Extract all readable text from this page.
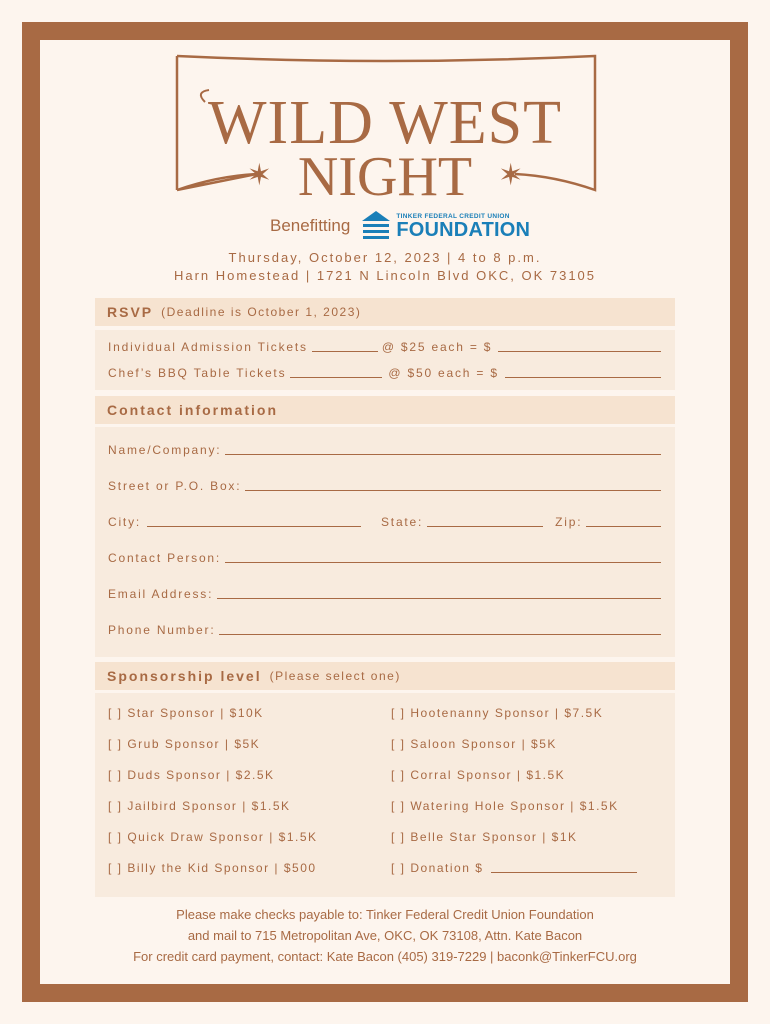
WILD WEST
✶ NIGHT ✶
Benefitting	TINKER FEDERAL CREDIT UNION
FOUNDATION
Thursday, October 12, 2023 | 4 to 8 p.m.
Harn Homestead | 1721 N Lincoln Blvd OKC, OK 73105
RSVP (Deadline is October 1, 2023)
Individual Admission Tickets	@ $25 each = $
Chef’s BBQ Table Tickets	@ $50 each = $
Contact information
Name/Company:
Street or P.O. Box:
City:	State:	Zip:
Contact Person:
Email Address:
Phone Number:
Sponsorship level (Please select one)
[ ] Star Sponsor | $10K
[ ] Grub Sponsor | $5K
[ ] Duds Sponsor | $2.5K
[ ] Jailbird Sponsor | $1.5K
[ ] Quick Draw Sponsor | $1.5K
[ ] Billy the Kid Sponsor | $500
[ ] Hootenanny Sponsor | $7.5K
[ ] Saloon Sponsor | $5K
[ ] Corral Sponsor | $1.5K
[ ] Watering Hole Sponsor | $1.5K
[ ] Belle Star Sponsor | $1K
[ ] Donation $
Please make checks payable to: Tinker Federal Credit Union Foundation
and mail to 715 Metropolitan Ave, OKC, OK 73108, Attn. Kate Bacon
For credit card payment, contact: Kate Bacon (405) 319-7229 | baconk@TinkerFCU.org
